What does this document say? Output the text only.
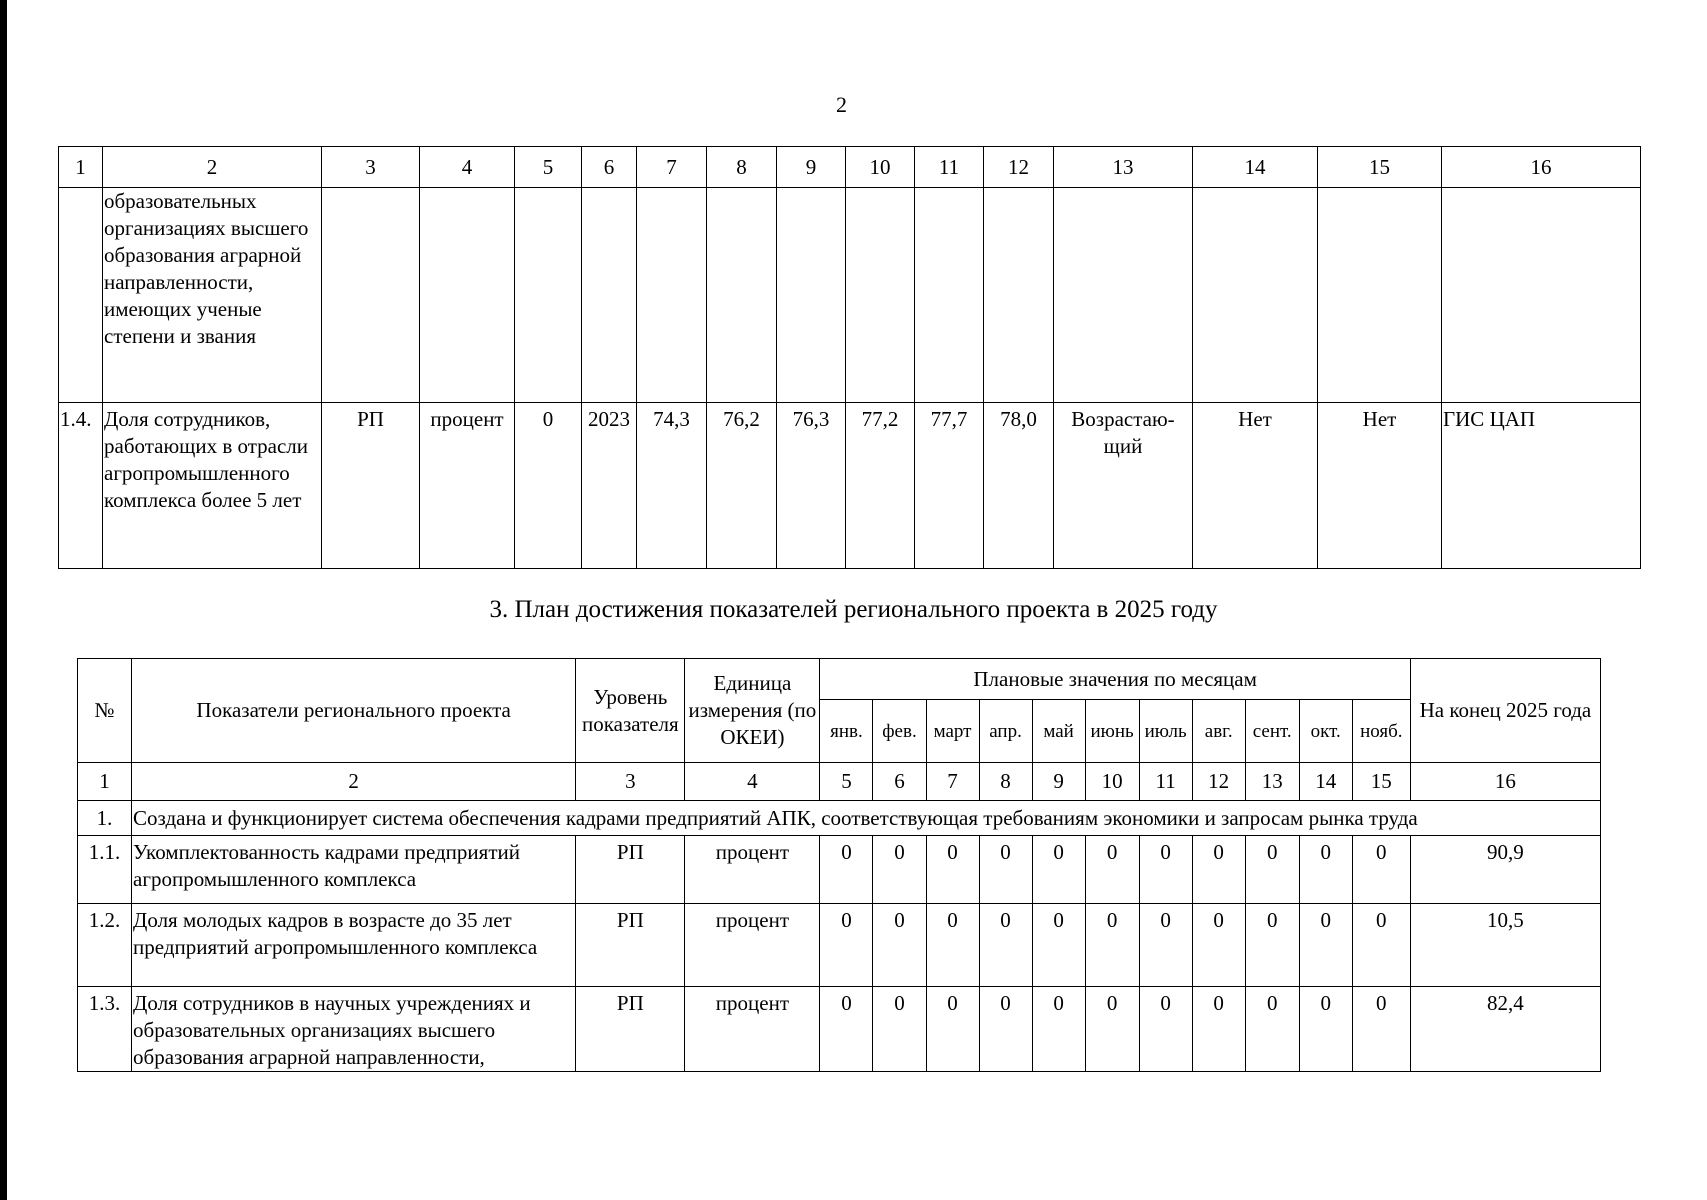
2
1	2	3	4	5	6	7	8	9	10	11	12	13	14	15	16
	образовательных организациях высшего образования аграрной направленности, имеющих ученые степени и звания														
1.4.	Доля сотрудников, работающих в отрасли агропромышленного комплекса более 5 лет	РП	процент	0	2023	74,3	76,2	76,3	77,2	77,7	78,0	Возрастаю-щий	Нет	Нет	ГИС ЦАП
3. План достижения показателей регионального проекта в 2025 году
№	Показатели регионального проекта	Уровень показателя	Единица измерения (по ОКЕИ)	Плановые значения по месяцам											На конец 2025 года
				янв.	фев.	март	апр.	май	июнь	июль	авг.	сент.	окт.	нояб.	
1	2	3	4	5	6	7	8	9	10	11	12	13	14	15	16
1.	Создана и функционирует система обеспечения кадрами предприятий АПК, соответствующая требованиям экономики и запросам рынка труда														
1.1.	Укомплектованность кадрами предприятий агропромышленного комплекса	РП	процент	0	0	0	0	0	0	0	0	0	0	0	90,9
1.2.	Доля молодых кадров в возрасте до 35 лет предприятий агропромышленного комплекса	РП	процент	0	0	0	0	0	0	0	0	0	0	0	10,5
1.3.	Доля сотрудников в научных учреждениях и образовательных организациях высшего образования аграрной направленности,	РП	процент	0	0	0	0	0	0	0	0	0	0	0	82,4
